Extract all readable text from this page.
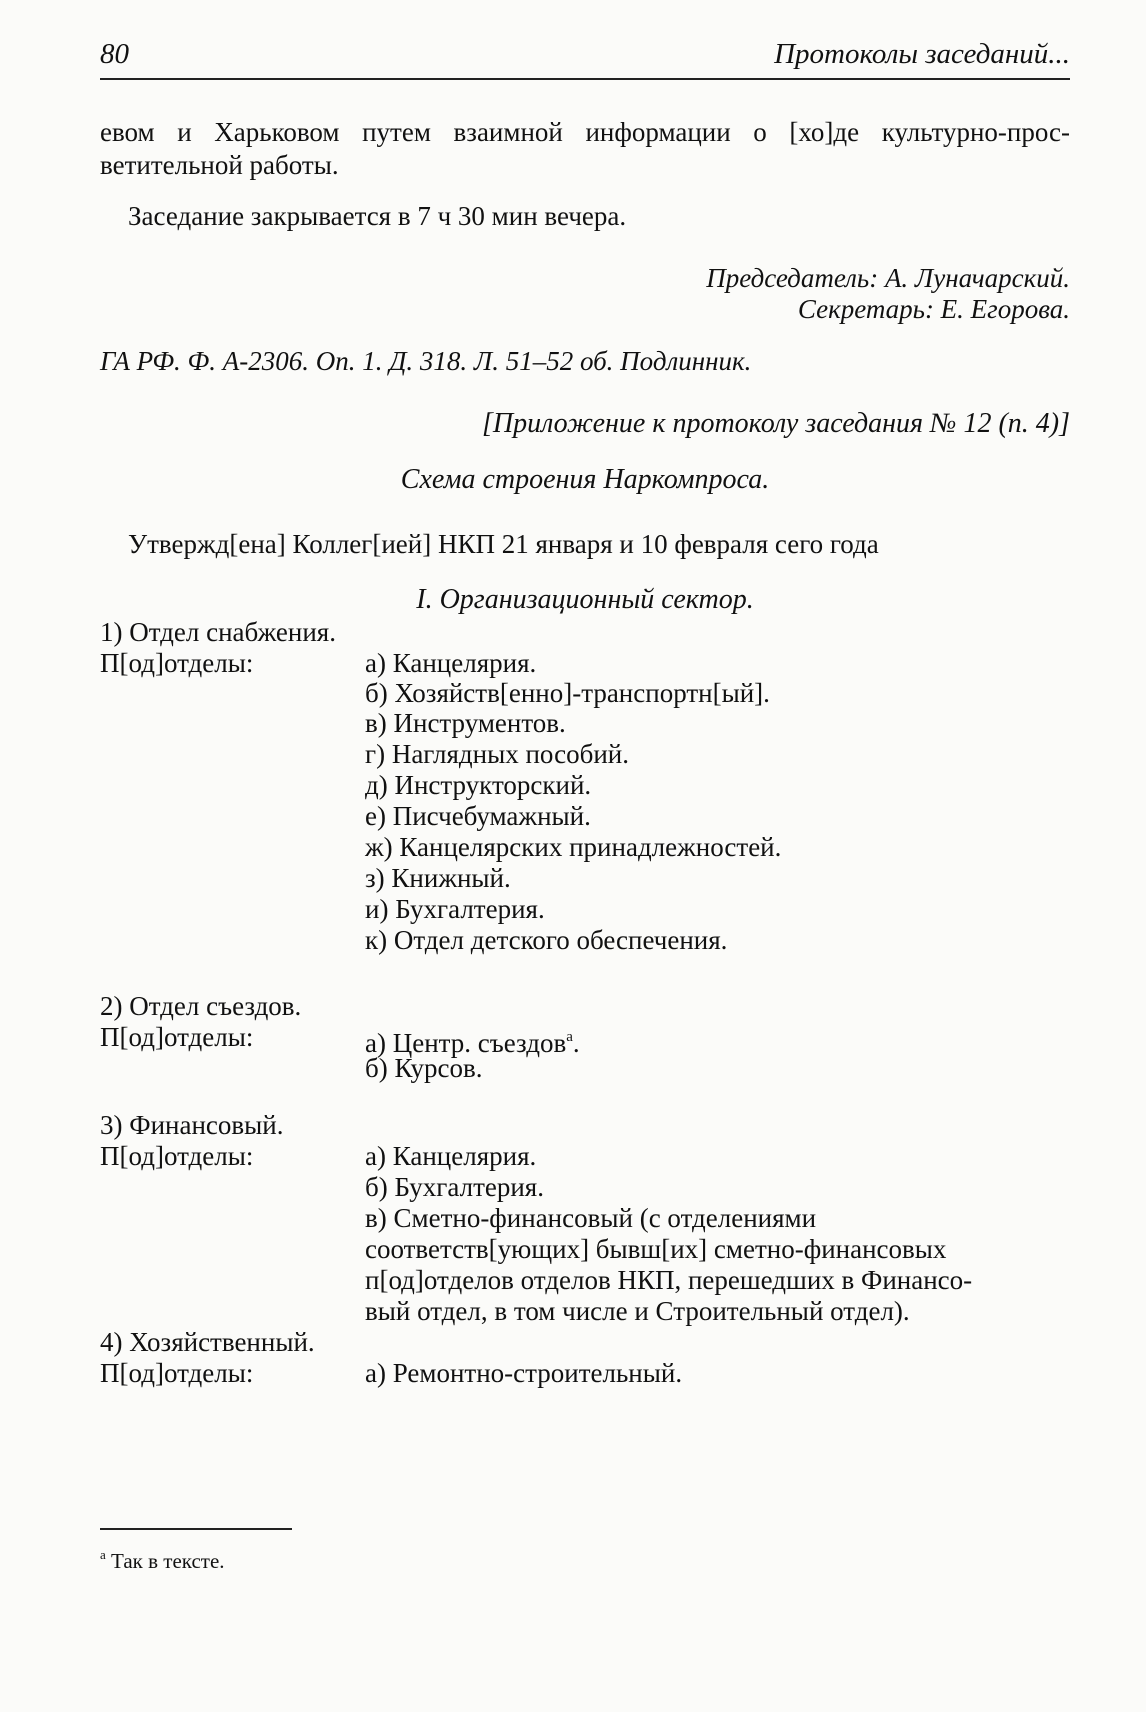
80	Протоколы заседаний...
евом и Харьковом путем взаимной информации о [хо]де культурно-прос-
ветительной работы.
Заседание закрывается в 7 ч 30 мин вечера.
Председатель: А. Луначарский.
Секретарь: Е. Егорова.
ГА РФ. Ф. А-2306. Оп. 1. Д. 318. Л. 51–52 об. Подлинник.
[Приложение к протоколу заседания № 12 (п. 4)]
Схема строения Наркомпроса.
Утвержд[ена] Коллег[ией] НКП 21 января и 10 февраля сего года
I. Организационный сектор.
1) Отдел снабжения.
П[од]отделы:	а) Канцелярия.
б) Хозяйств[енно]-транспортн[ый].
в) Инструментов.
г) Наглядных пособий.
д) Инструкторский.
е) Писчебумажный.
ж) Канцелярских принадлежностей.
з) Книжный.
и) Бухгалтерия.
к) Отдел детского обеспечения.
2) Отдел съездов.
П[од]отделы:	а) Центр. съездов$^а$.
б) Курсов.
3) Финансовый.
П[од]отделы:	а) Канцелярия.
б) Бухгалтерия.
в) Сметно-финансовый (с отделениями
соответств[ующих] бывш[их] сметно-финансовых
п[од]отделов отделов НКП, перешедших в Финансо-
вый отдел, в том числе и Строительный отдел).
4) Хозяйственный.
П[од]отделы:	а) Ремонтно-строительный.
$^а$ Так в тексте.
